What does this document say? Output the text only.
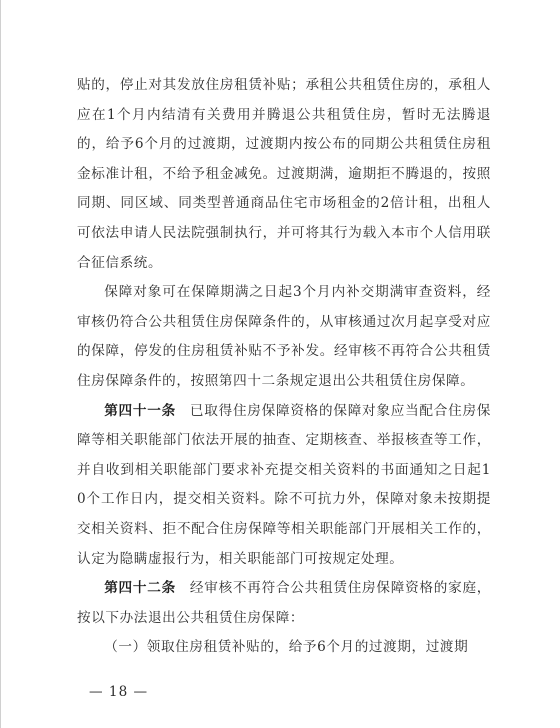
贴的，停止对其发放住房租赁补贴；承租公共租赁住房的，承租人应在1个月内结清有关费用并腾退公共租赁住房，暂时无法腾退的，给予6个月的过渡期，过渡期内按公布的同期公共租赁住房租金标准计租，不给予租金减免。过渡期满，逾期拒不腾退的，按照同期、同区域、同类型普通商品住宅市场租金的2倍计租，出租人可依法申请人民法院强制执行，并可将其行为载入本市个人信用联合征信系统。

保障对象可在保障期满之日起3个月内补交期满审查资料，经审核仍符合公共租赁住房保障条件的，从审核通过次月起享受对应的保障，停发的住房租赁补贴不予补发。经审核不再符合公共租赁住房保障条件的，按照第四十二条规定退出公共租赁住房保障。

第四十一条 已取得住房保障资格的保障对象应当配合住房保障等相关职能部门依法开展的抽查、定期核查、举报核查等工作，并自收到相关职能部门要求补充提交相关资料的书面通知之日起10个工作日内，提交相关资料。除不可抗力外，保障对象未按期提交相关资料、拒不配合住房保障等相关职能部门开展相关工作的，认定为隐瞒虚报行为，相关职能部门可按规定处理。

第四十二条 经审核不再符合公共租赁住房保障资格的家庭，按以下办法退出公共租赁住房保障：

（一）领取住房租赁补贴的，给予6个月的过渡期，过渡期

— 18 —
